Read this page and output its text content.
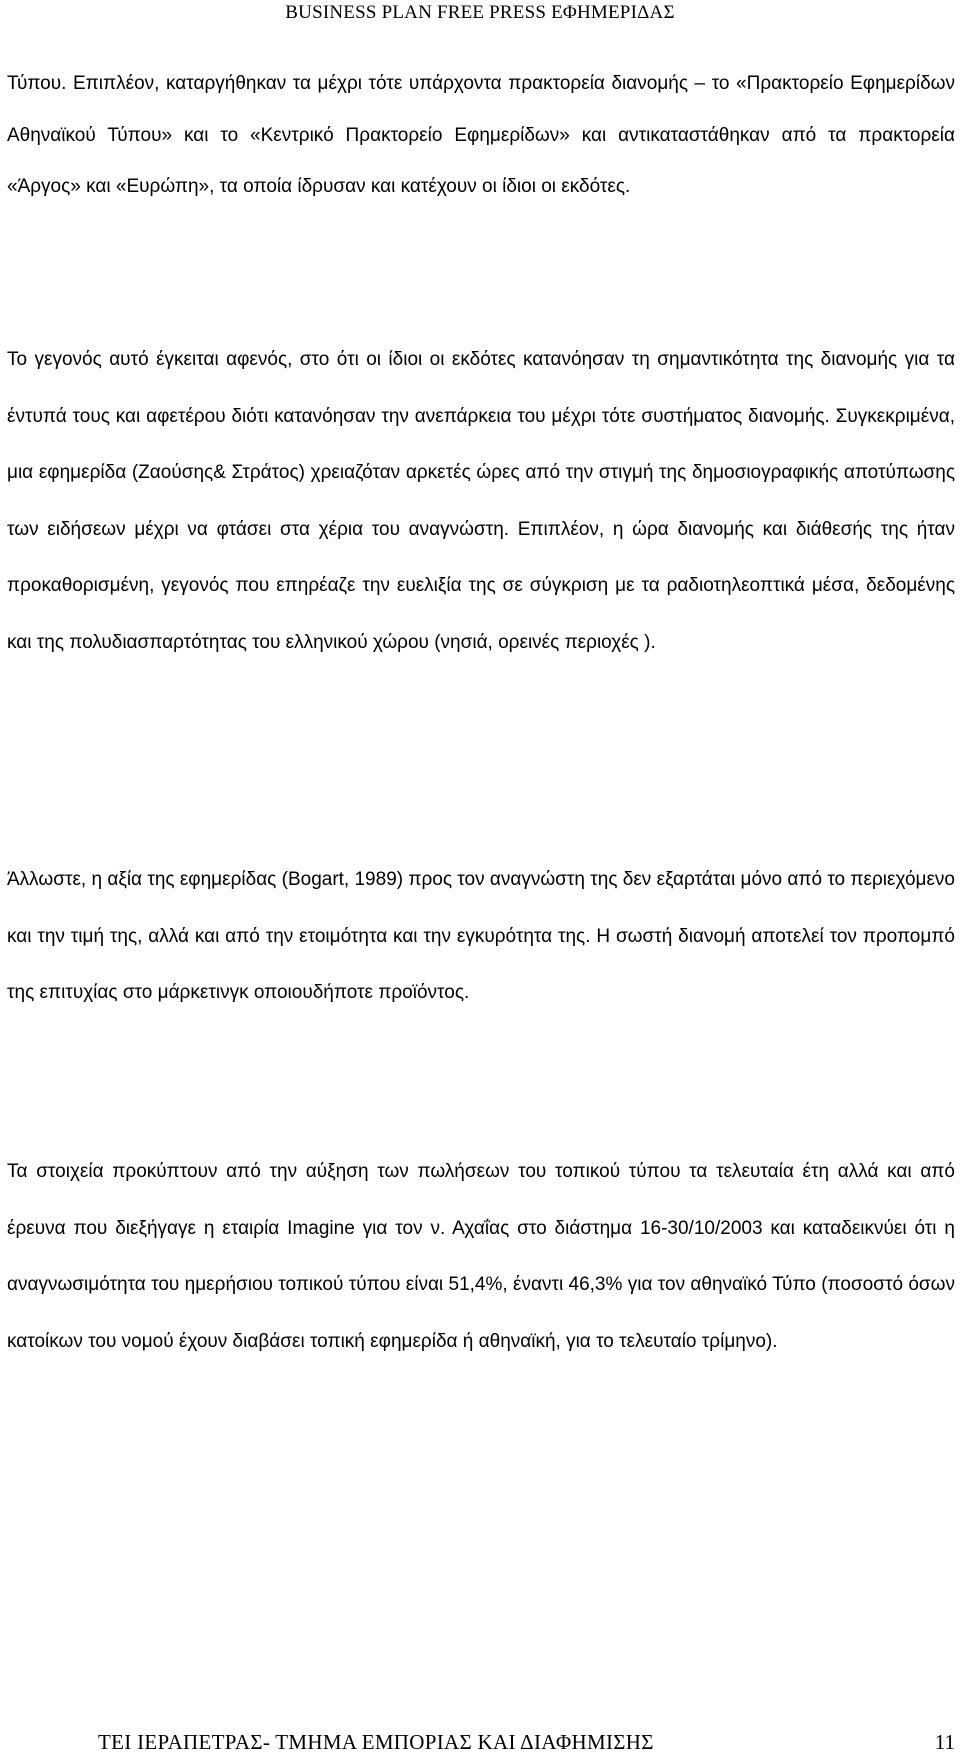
BUSINESS PLAN FREE PRESS ΕΦΗΜΕΡΙΔΑΣ

Τύπου. Επιπλέον, καταργήθηκαν τα μέχρι τότε υπάρχοντα πρακτορεία διανομής – το «Πρακτορείο Εφημερίδων Αθηναϊκού Τύπου» και το «Κεντρικό Πρακτορείο Εφημερίδων» και αντικαταστάθηκαν από τα πρακτορεία «Άργος» και «Ευρώπη», τα οποία ίδρυσαν και κατέχουν οι ίδιοι οι εκδότες.

Το γεγονός αυτό έγκειται αφενός, στο ότι οι ίδιοι οι εκδότες κατανόησαν τη σημαντικότητα της διανομής για τα έντυπά τους και αφετέρου διότι κατανόησαν την ανεπάρκεια του μέχρι τότε συστήματος διανομής. Συγκεκριμένα, μια εφημερίδα (Ζαούσης& Στράτος) χρειαζόταν αρκετές ώρες από την στιγμή της δημοσιογραφικής αποτύπωσης των ειδήσεων μέχρι να φτάσει στα χέρια του αναγνώστη. Επιπλέον, η ώρα διανομής και διάθεσής της ήταν προκαθορισμένη, γεγονός που επηρέαζε την ευελιξία της σε σύγκριση με τα ραδιοτηλεοπτικά μέσα, δεδομένης και της πολυδιασπαρτότητας του ελληνικού χώρου (νησιά, ορεινές περιοχές ).

Άλλωστε, η αξία της εφημερίδας (Bogart, 1989) προς τον αναγνώστη της δεν εξαρτάται μόνο από το περιεχόμενο και την τιμή της, αλλά και από την ετοιμότητα και την εγκυρότητα της. Η σωστή διανομή αποτελεί τον προπομπό της επιτυχίας στο μάρκετινγκ οποιουδήποτε προϊόντος.

Τα στοιχεία προκύπτουν από την αύξηση των πωλήσεων του τοπικού τύπου τα τελευταία έτη αλλά και από έρευνα που διεξήγαγε η εταιρία Imagine για τον ν. Αχαΐας στο διάστημα 16-30/10/2003 και καταδεικνύει ότι η αναγνωσιμότητα του ημερήσιου τοπικού τύπου είναι 51,4%, έναντι 46,3% για τον αθηναϊκό Τύπο (ποσοστό όσων κατοίκων του νομού έχουν διαβάσει τοπική εφημερίδα ή αθηναϊκή, για το τελευταίο τρίμηνο).

ΤΕΙ ΙΕΡΑΠΕΤΡΑΣ- ΤΜΗΜΑ ΕΜΠΟΡΙΑΣ ΚΑΙ ΔΙΑΦΗΜΙΣΗΣ	11
